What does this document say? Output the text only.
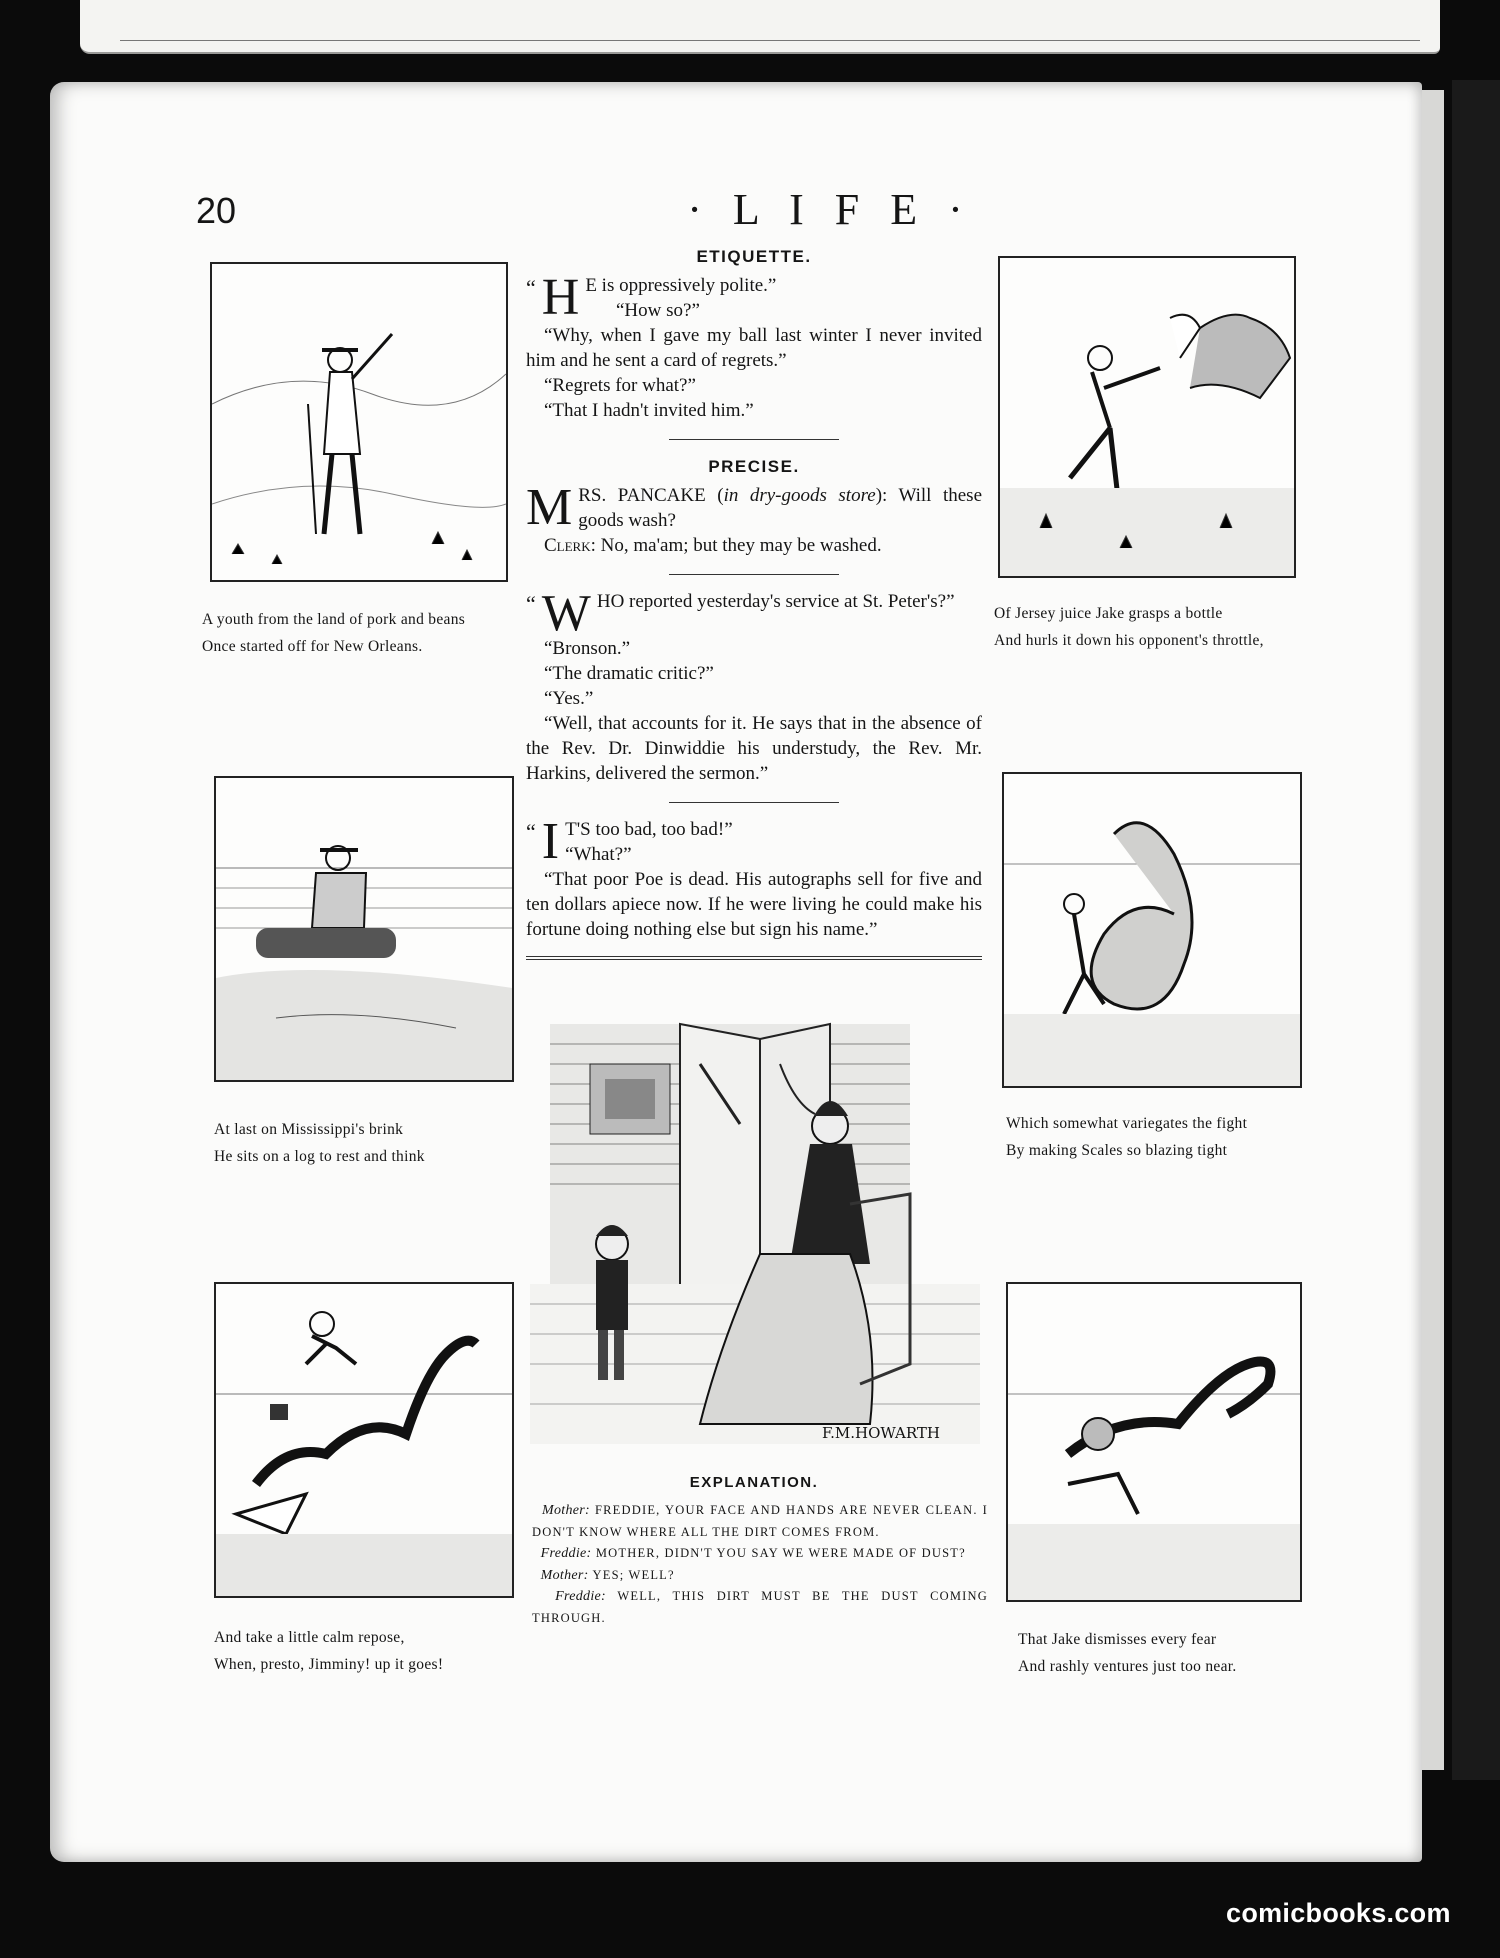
20	· L I F E ·
ETIQUETTE.
“ H E is oppressively polite.”

“How so?”

“Why, when I gave my ball last winter I never invited him and he sent a card of regrets.”

“Regrets for what?”

“That I hadn't invited him.”

PRECISE.
M RS. PANCAKE (in dry-goods store): Will these goods wash?

Clerk: No, ma'am; but they may be washed.

“ W HO reported yesterday's service at St. Peter's?”

“Bronson.”

“The dramatic critic?”

“Yes.”

“Well, that accounts for it. He says that in the absence of the Rev. Dr. Dinwiddie his understudy, the Rev. Mr. Harkins, delivered the sermon.”

“ I T'S too bad, too bad!”

“What?”

“That poor Poe is dead. His autographs sell for five and ten dollars apiece now. If he were living he could make his fortune doing nothing else but sign his name.”

F.M.HOWARTH
EXPLANATION.
Mother: FREDDIE, YOUR FACE AND HANDS ARE NEVER CLEAN. I DON'T KNOW WHERE ALL THE DIRT COMES FROM.
Freddie: MOTHER, DIDN'T YOU SAY WE WERE MADE OF DUST?
Mother: YES; WELL?
Freddie: WELL, THIS DIRT MUST BE THE DUST COMING THROUGH.
A youth from the land of pork and beans
Once started off for New Orleans.
At last on Mississippi's brink
He sits on a log to rest and think
And take a little calm repose,
When, presto, Jimminy! up it goes!
Of Jersey juice Jake grasps a bottle
And hurls it down his opponent's throttle,
Which somewhat variegates the fight
By making Scales so blazing tight
That Jake dismisses every fear
And rashly ventures just too near.
comicbooks.com
